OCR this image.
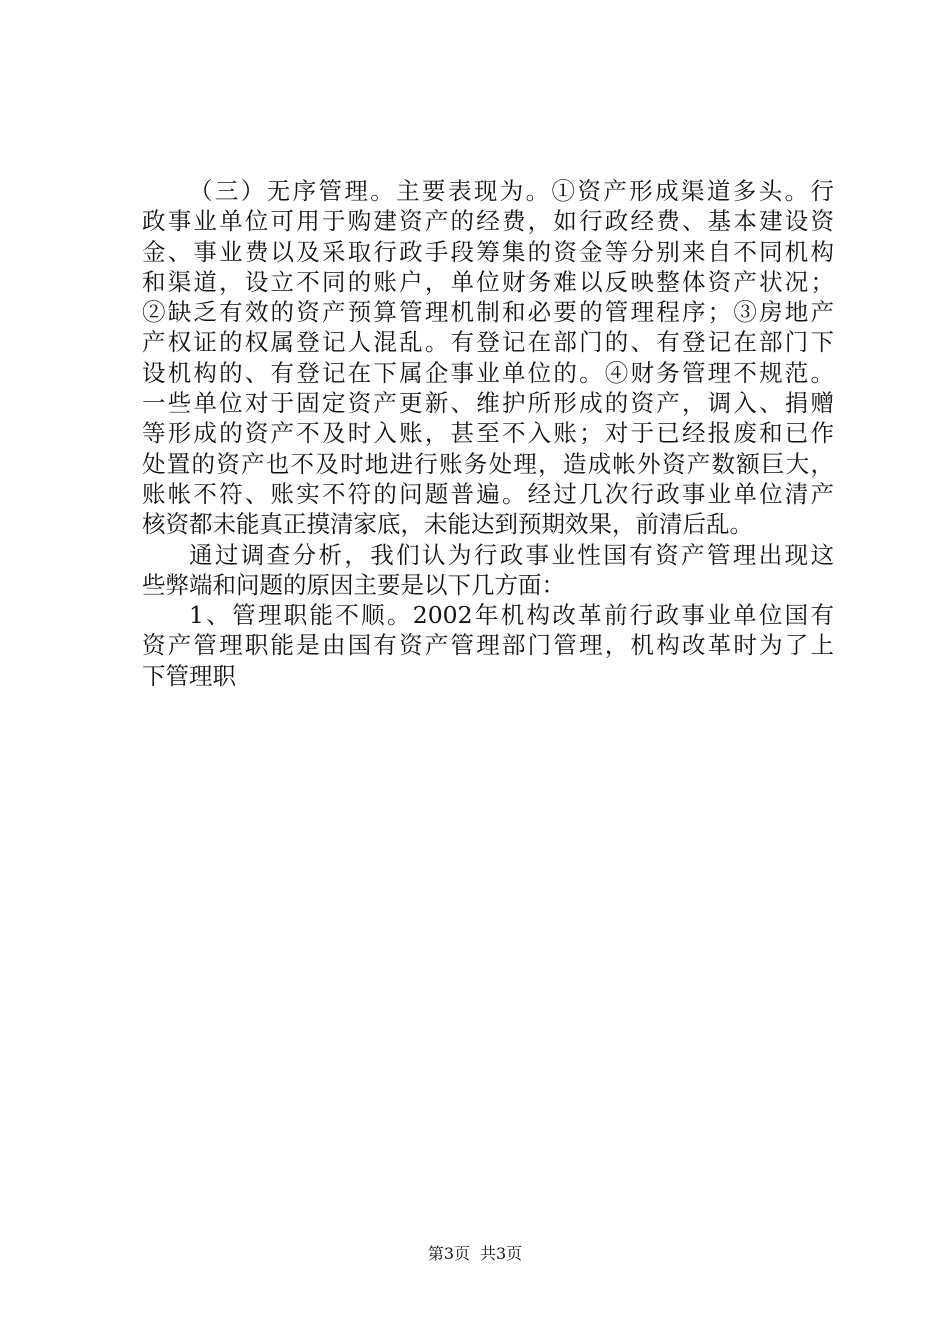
（三）无序管理。主要表现为。①资产形成渠道多头。行
政事业单位可用于购建资产的经费，如行政经费、基本建设资
金、事业费以及采取行政手段筹集的资金等分别来自不同机构
和渠道，设立不同的账户，单位财务难以反映整体资产状况；
②缺乏有效的资产预算管理机制和必要的管理程序；③房地产
产权证的权属登记人混乱。有登记在部门的、有登记在部门下
设机构的、有登记在下属企事业单位的。④财务管理不规范。
一些单位对于固定资产更新、维护所形成的资产，调入、捐赠
等形成的资产不及时入账，甚至不入账；对于已经报废和已作
处置的资产也不及时地进行账务处理，造成帐外资产数额巨大，
账帐不符、账实不符的问题普遍。经过几次行政事业单位清产
核资都未能真正摸清家底，未能达到预期效果，前清后乱。
通过调查分析，我们认为行政事业性国有资产管理出现这
些弊端和问题的原因主要是以下几方面：
1、管理职能不顺。2002年机构改革前行政事业单位国有
资产管理职能是由国有资产管理部门管理，机构改革时为了上
下管理职
第3页 共3页
